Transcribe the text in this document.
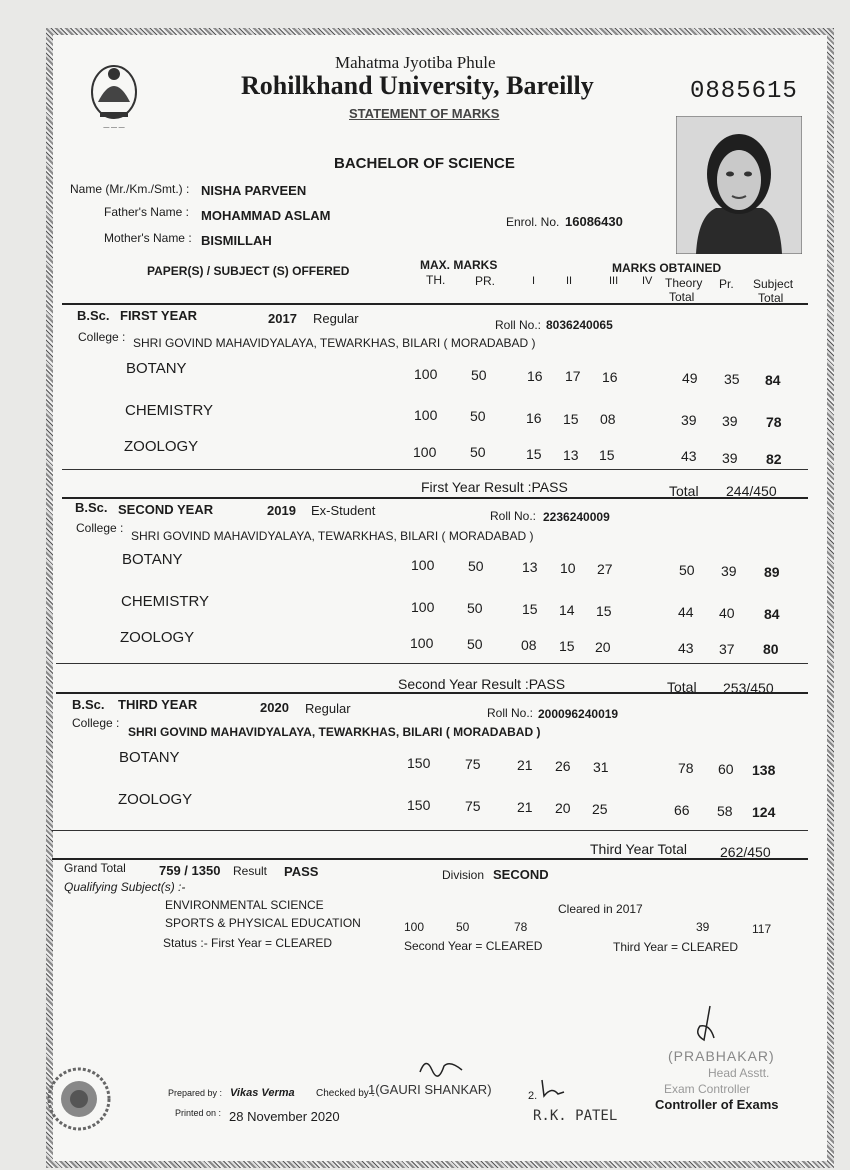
— — —
Mahatma Jyotiba Phule
Rohilkhand University, Bareilly
STATEMENT OF MARKS
0885615
BACHELOR OF SCIENCE
Name (Mr./Km./Smt.) : NISHA PARVEEN
Father's Name : MOHAMMAD ASLAM
Mother's Name : BISMILLAH
Enrol. No. 16086430
PAPER(S) / SUBJECT (S) OFFERED	MAX. MARKS
TH. PR.
MARKS OBTAINED
I	II	III IV Theory
Total
Pr. Subject
Total
B.Sc. FIRST YEAR	2017 Regular	Roll No.: 8036240065
College : SHRI GOVIND MAHAVIDYALAYA, TEWARKHAS, BILARI ( MORADABAD )
BOTANY	100 50	16 17 16	49 35 84
CHEMISTRY	100 50	16 15 08	39 39 78
ZOOLOGY	100 50	15 13 15	43 39 82
First Year Result :PASS	Total 244/450
B.Sc. SECOND YEAR	2019 Ex-Student	Roll No.: 2236240009
College :
SHRI GOVIND MAHAVIDYALAYA, TEWARKHAS, BILARI ( MORADABAD )
BOTANY	100 50	13 10 27	50 39 89
CHEMISTRY	100 50	15 14 15	44 40 84
ZOOLOGY	100 50	08 15 20	43 37 80
Second Year Result :PASS	Total 253/450
B.Sc. THIRD YEAR	2020 Regular	Roll No.: 200096240019
College :
SHRI GOVIND MAHAVIDYALAYA, TEWARKHAS, BILARI ( MORADABAD )
BOTANY	150 75	21 26 31	78 60 138
ZOOLOGY	150 75	21 20 25	66 58 124
Third Year Total 262/450
Grand Total	759 / 1350 Result PASS	Division SECOND
Qualifying Subject(s) :-
ENVIRONMENTAL SCIENCE	Cleared in 2017
SPORTS & PHYSICAL EDUCATION	100	50	78	39	117
Status :- First Year = CLEARED	Second Year = CLEARED	Third Year = CLEARED
Prepared by : Vikas Verma Checked by :
1(GAURI SHANKAR)	2.
Printed on : 28 November 2020	R.K. PATEL
(PRABHAKAR)
Head Asstt.
Exam Controller
Controller of Exams
